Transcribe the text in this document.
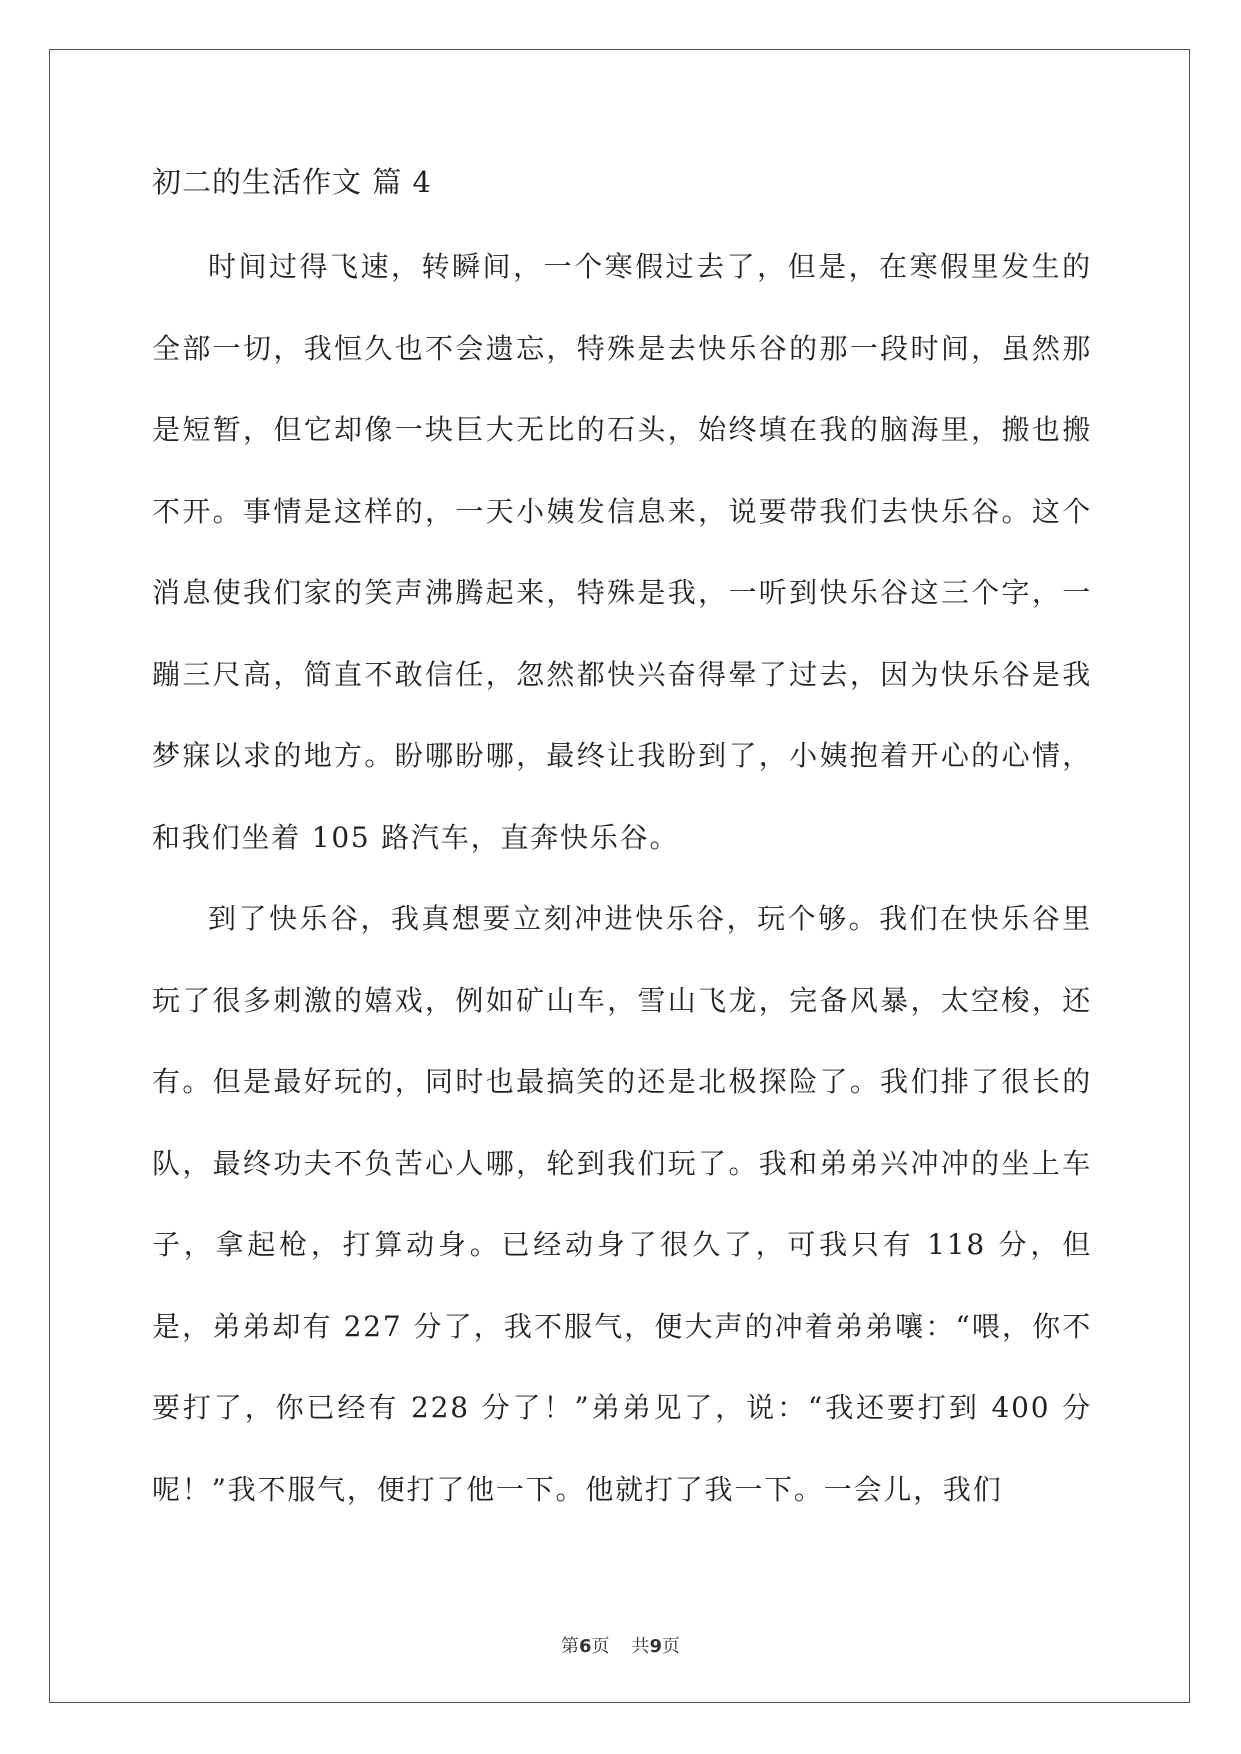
初二的生活作文 篇 4

时间过得飞速，转瞬间，一个寒假过去了，但是，在寒假里发生的全部一切，我恒久也不会遗忘，特殊是去快乐谷的那一段时间，虽然那是短暂，但它却像一块巨大无比的石头，始终填在我的脑海里，搬也搬不开。事情是这样的，一天小姨发信息来，说要带我们去快乐谷。这个消息使我们家的笑声沸腾起来，特殊是我，一听到快乐谷这三个字，一蹦三尺高，简直不敢信任，忽然都快兴奋得晕了过去，因为快乐谷是我梦寐以求的地方。盼哪盼哪，最终让我盼到了，小姨抱着开心的心情，和我们坐着 105 路汽车，直奔快乐谷。

到了快乐谷，我真想要立刻冲进快乐谷，玩个够。我们在快乐谷里玩了很多刺激的嬉戏，例如矿山车，雪山飞龙，完备风暴，太空梭，还有。但是最好玩的，同时也最搞笑的还是北极探险了。我们排了很长的队，最终功夫不负苦心人哪，轮到我们玩了。我和弟弟兴冲冲的坐上车子，拿起枪，打算动身。已经动身了很久了，可我只有 118 分，但是，弟弟却有 227 分了，我不服气，便大声的冲着弟弟嚷：“喂，你不要打了，你已经有 228 分了！”弟弟见了，说：“我还要打到 400 分呢！”我不服气，便打了他一下。他就打了我一下。一会儿，我们

第6页 共9页
